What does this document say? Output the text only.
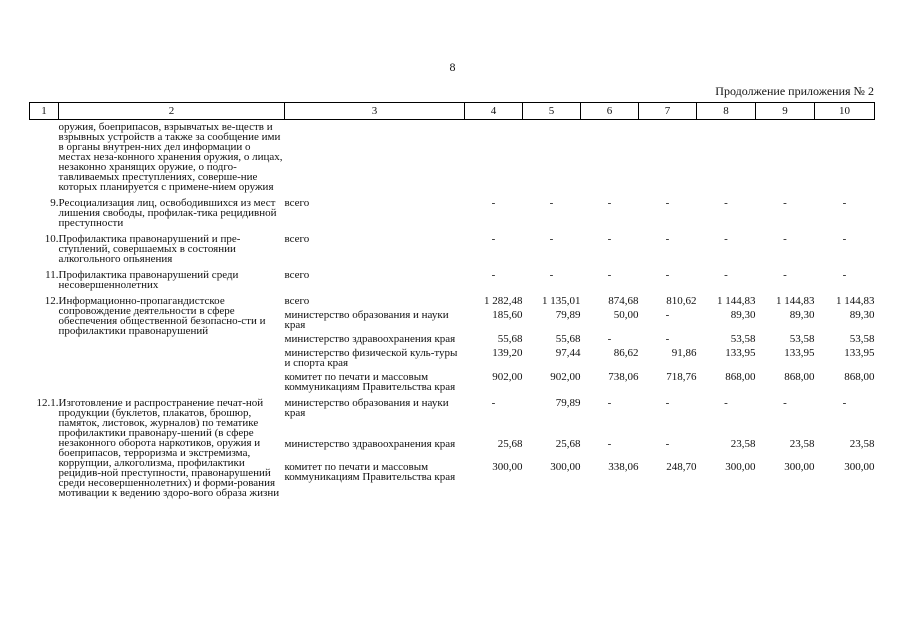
8
Продолжение приложения № 2
1	2	3	4	5	6	7	8	9	10
	оружия, боеприпасов, взрывчатых ве-ществ и взрывных устройств а также за сообщение ими в органы внутрен-них дел информации о местах неза-конного хранения оружия, о лицах, незаконно хранящих оружие, о подго-тавливаемых преступлениях, соверше-ние которых планируется с примене-нием оружия								
9.	Ресоциализация лиц, освободившихся из мест лишения свободы, профилак-тика рецидивной преступности	всего	-	-	-	-	-	-	-
10.	Профилактика правонарушений и пре-ступлений, совершаемых в состоянии алкогольного опьянения	всего	-	-	-	-	-	-	-
11.	Профилактика правонарушений среди несовершеннолетних	всего	-	-	-	-	-	-	-
12.	Информационно-пропагандистское сопровождение деятельности в сфере обеспечения общественной безопасно-сти и профилактики правонарушений	всего	1 282,48	1 135,01	874,68	810,62	1 144,83	1 144,83	1 144,83
		министерство образования и науки края	185,60	79,89	50,00	-	89,30	89,30	89,30
		министерство здравоохранения края	55,68	55,68	-	-	53,58	53,58	53,58
		министерство физической куль-туры и спорта края	139,20	97,44	86,62	91,86	133,95	133,95	133,95
		комитет по печати и массовым коммуникациям Правительства края	902,00	902,00	738,06	718,76	868,00	868,00	868,00
12.1.	Изготовление и распространение печат-ной продукции (буклетов, плакатов, брошюр, памяток, листовок, журналов) по тематике профилактики правонару-шений (в сфере незаконного оборота наркотиков, оружия и боеприпасов, терроризма и экстремизма, коррупции, алкоголизма, профилактики рецидив-ной преступности, правонарушений среди несовершеннолетних) и форми-рования мотивации к ведению здоро-вого образа жизни	министерство образования и науки края	-	79,89	-	-	-	-	-
		министерство здравоохранения края	25,68	25,68	-	-	23,58	23,58	23,58
		комитет по печати и массовым коммуникациям Правительства края	300,00	300,00	338,06	248,70	300,00	300,00	300,00
